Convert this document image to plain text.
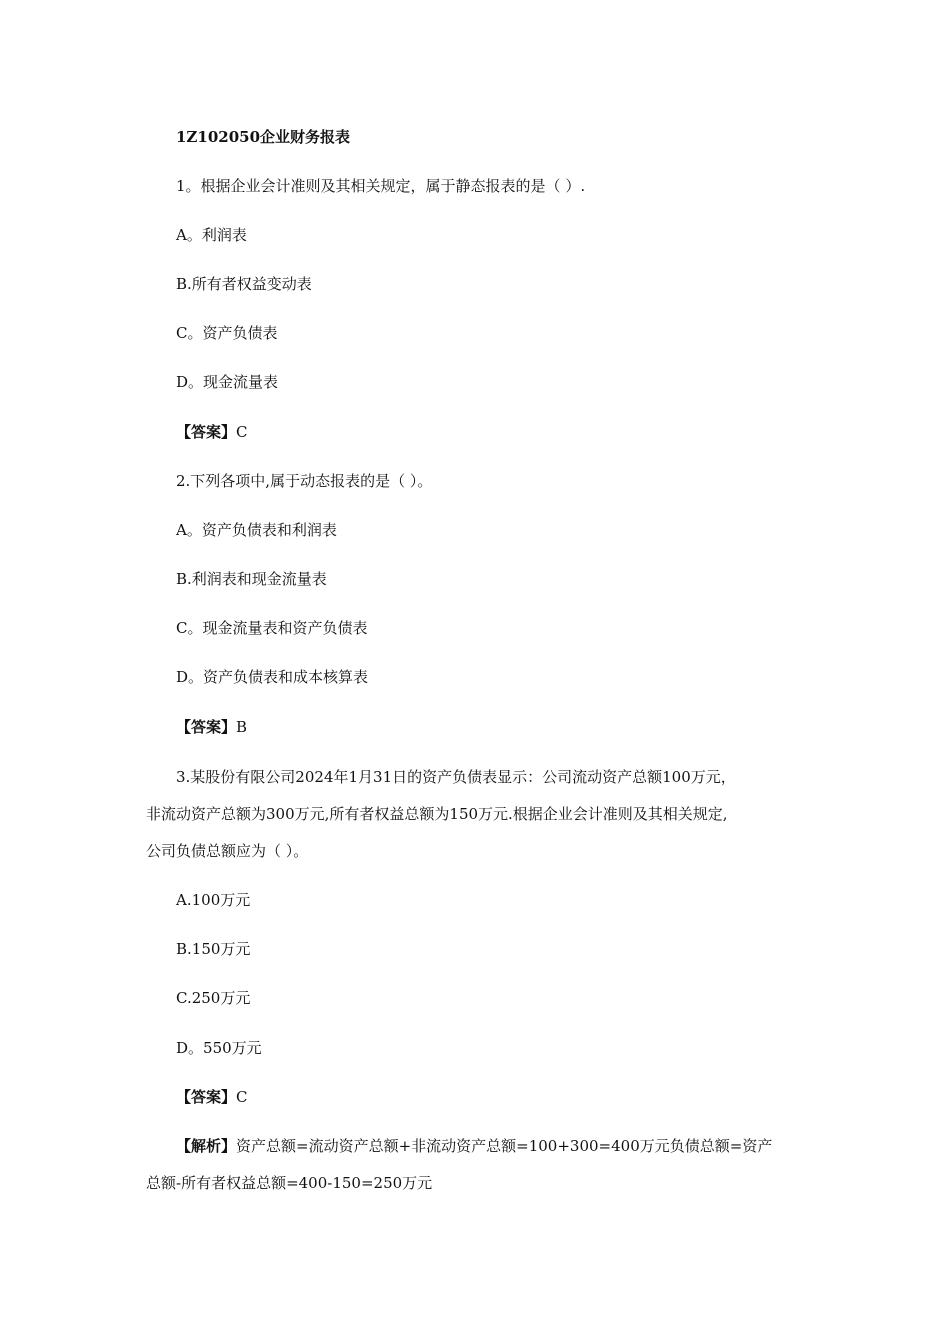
1Z102050企业财务报表
1。根据企业会计准则及其相关规定，属于静态报表的是（ ）.
A。利润表
B.所有者权益变动表
C。资产负债表
D。现金流量表
【答案】C
2.下列各项中,属于动态报表的是（ ）。
A。资产负债表和利润表
B.利润表和现金流量表
C。现金流量表和资产负债表
D。资产负债表和成本核算表
【答案】B
3.某股份有限公司2024年1月31日的资产负债表显示：公司流动资产总额100万元，
非流动资产总额为300万元,所有者权益总额为150万元.根据企业会计准则及其相关规定,
公司负债总额应为（ ）。
A.100万元
B.150万元
C.250万元
D。550万元
【答案】C
【解析】资产总额=流动资产总额+非流动资产总额=100+300=400万元负债总额=资产
总额-所有者权益总额=400-150=250万元
